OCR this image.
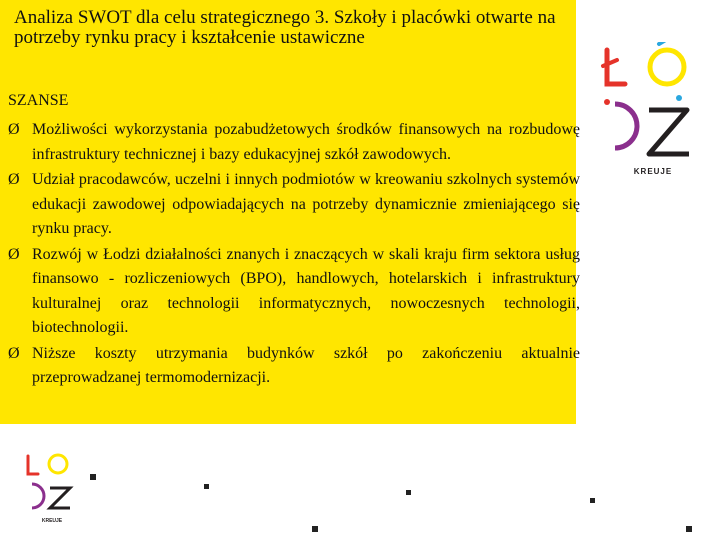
Analiza SWOT dla celu strategicznego 3. Szkoły i placówki otwarte na potrzeby rynku pracy i kształcenie ustawiczne
SZANSE
Ø Możliwości wykorzystania pozabudżetowych środków finansowych na rozbudowę infrastruktury technicznej i bazy edukacyjnej szkół zawodowych.
Ø Udział pracodawców, uczelni i innych podmiotów w kreowaniu szkolnych systemów edukacji zawodowej odpowiadających na potrzeby dynamicznie zmieniającego się rynku pracy.
Ø Rozwój w Łodzi działalności znanych i znaczących w skali kraju firm sektora usług finansowo - rozliczeniowych (BPO), handlowych, hotelarskich i infrastruktury kulturalnej oraz technologii informatycznych, nowoczesnych technologii, biotechnologii.
Ø Niższe koszty utrzymania budynków szkół po zakończeniu aktualnie przeprowadzanej termomodernizacji.
KREUJE
KREUJE
